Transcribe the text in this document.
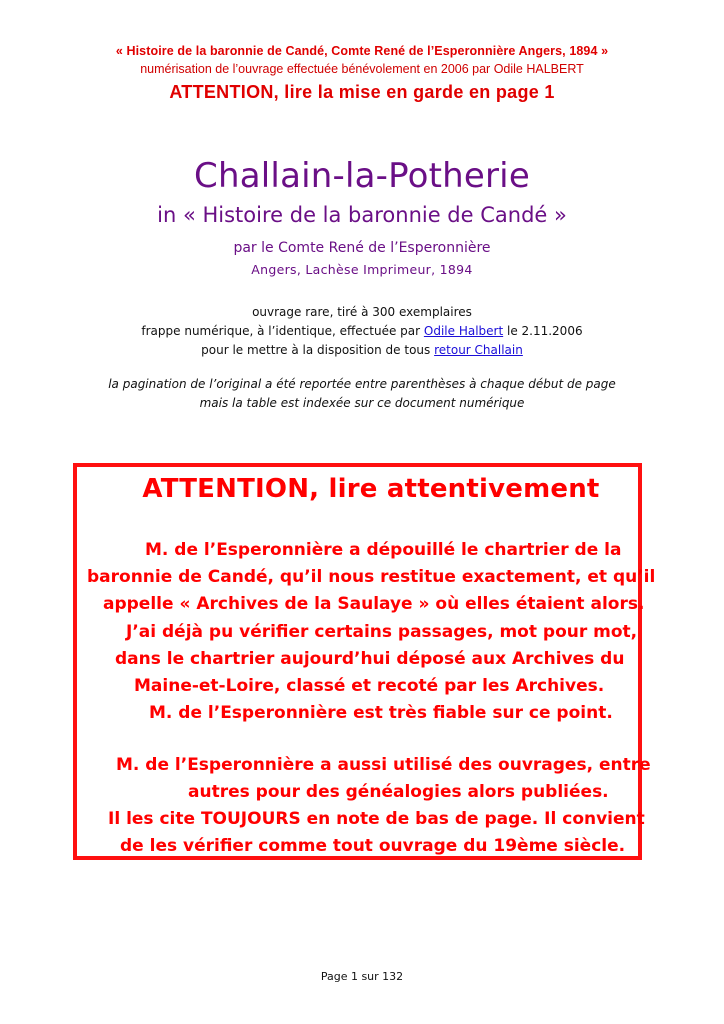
« Histoire de la baronnie de Candé, Comte René de l’Esperonnière Angers, 1894 »
numérisation de l’ouvrage effectuée bénévolement en 2006 par Odile HALBERT
ATTENTION, lire la mise en garde en page 1
Challain-la-Potherie
in « Histoire de la baronnie de Candé »
par le Comte René de l’Esperonnière
Angers, Lachèse Imprimeur, 1894
ouvrage rare, tiré à 300 exemplaires
frappe numérique, à l’identique, effectuée par Odile Halbert le 2.11.2006
pour le mettre à la disposition de tous retour Challain
la pagination de l’original a été reportée entre parenthèses à chaque début de page
mais la table est indexée sur ce document numérique
ATTENTION, lire attentivement
M. de l’Esperonnière a dépouillé le chartrier de la
baronnie de Candé, qu’il nous restitue exactement, et qu’il
appelle « Archives de la Saulaye » où elles étaient alors.
J’ai déjà pu vérifier certains passages, mot pour mot,
dans le chartrier aujourd’hui déposé aux Archives du
Maine-et-Loire, classé et recoté par les Archives.
M. de l’Esperonnière est très fiable sur ce point.
M. de l’Esperonnière a aussi utilisé des ouvrages, entre
autres pour des généalogies alors publiées.
Il les cite TOUJOURS en note de bas de page. Il convient
de les vérifier comme tout ouvrage du 19ème siècle.
Page 1 sur 132
